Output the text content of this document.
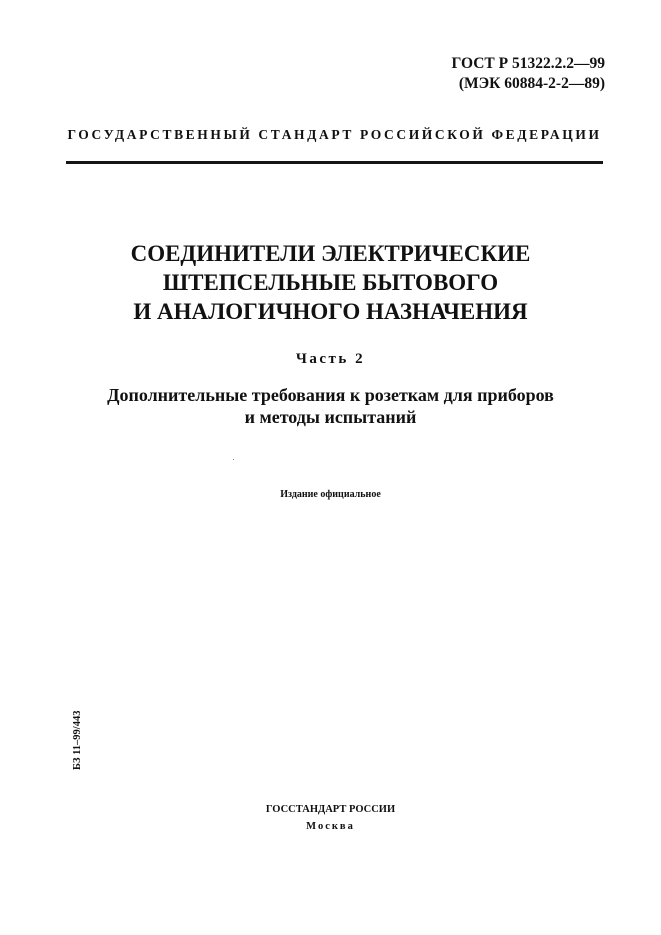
ГОСТ Р 51322.2.2—99
(МЭК 60884-2-2—89)
ГОСУДАРСТВЕННЫЙ СТАНДАРТ РОССИЙСКОЙ ФЕДЕРАЦИИ
СОЕДИНИТЕЛИ ЭЛЕКТРИЧЕСКИЕ
ШТЕПСЕЛЬНЫЕ БЫТОВОГО
И АНАЛОГИЧНОГО НАЗНАЧЕНИЯ
Часть 2
Дополнительные требования к розеткам для приборов
и методы испытаний
Издание официальное
БЗ 11–99/443
ГОССТАНДАРТ РОССИИ
Москва
